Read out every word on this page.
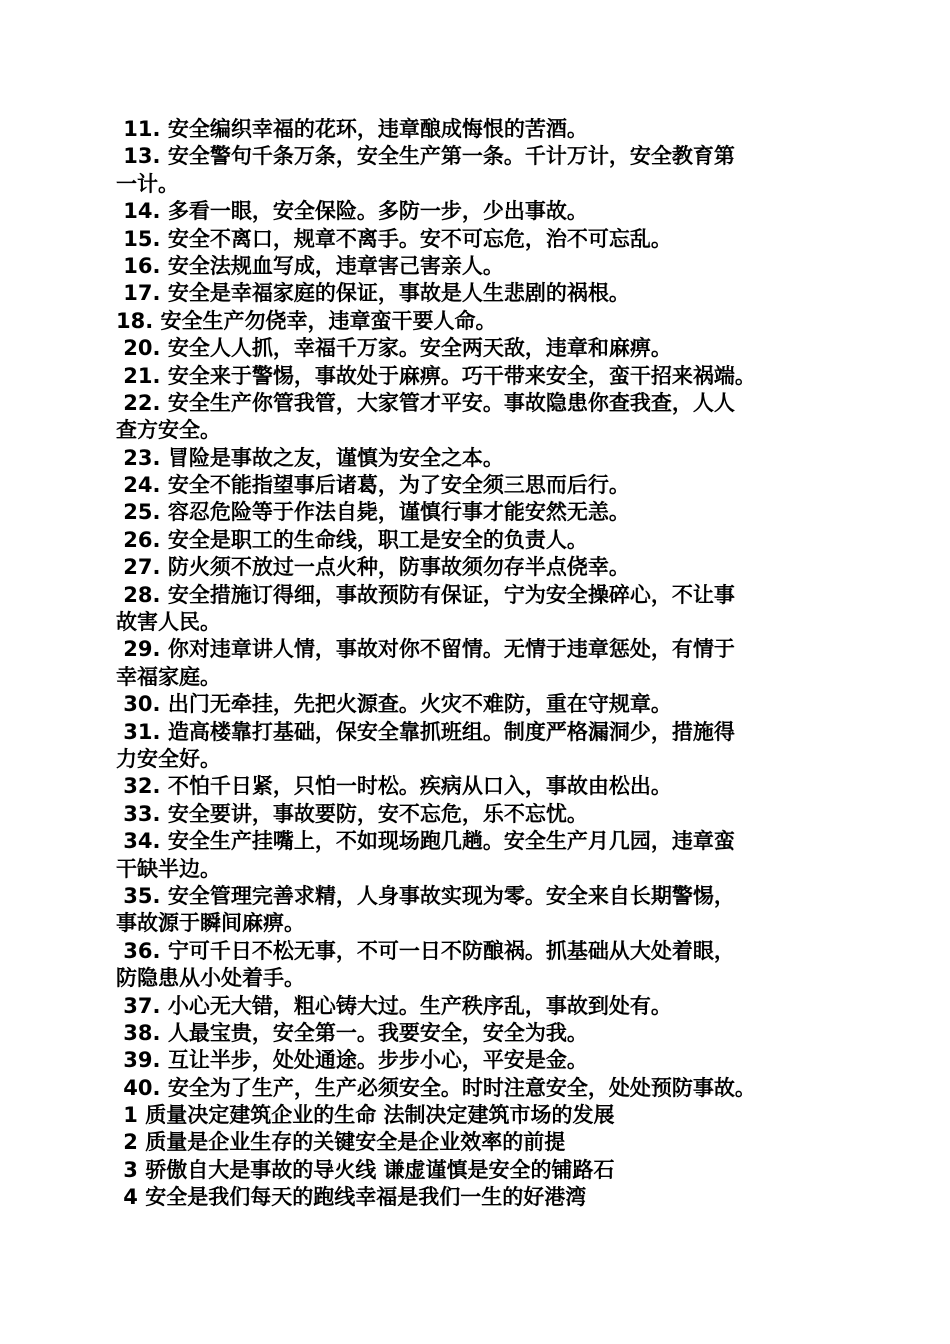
11. 安全编织幸福的花环，违章酿成悔恨的苦酒。
13. 安全警句千条万条，安全生产第一条。千计万计，安全教育第
一计。
14. 多看一眼，安全保险。多防一步，少出事故。
15. 安全不离口，规章不离手。安不可忘危，治不可忘乱。
16. 安全法规血写成，违章害己害亲人。
17. 安全是幸福家庭的保证，事故是人生悲剧的祸根。
18. 安全生产勿侥幸，违章蛮干要人命。
20. 安全人人抓，幸福千万家。安全两天敌，违章和麻痹。
21. 安全来于警惕，事故处于麻痹。巧干带来安全，蛮干招来祸端。
22. 安全生产你管我管，大家管才平安。事故隐患你查我查，人人
查方安全。
23. 冒险是事故之友，谨慎为安全之本。
24. 安全不能指望事后诸葛，为了安全须三思而后行。
25. 容忍危险等于作法自毙，谨慎行事才能安然无恙。
26. 安全是职工的生命线，职工是安全的负责人。
27. 防火须不放过一点火种，防事故须勿存半点侥幸。
28. 安全措施订得细，事故预防有保证，宁为安全操碎心，不让事
故害人民。
29. 你对违章讲人情，事故对你不留情。无情于违章惩处，有情于
幸福家庭。
30. 出门无牵挂，先把火源查。火灾不难防，重在守规章。
31. 造高楼靠打基础，保安全靠抓班组。制度严格漏洞少，措施得
力安全好。
32. 不怕千日紧，只怕一时松。疾病从口入，事故由松出。
33. 安全要讲，事故要防，安不忘危，乐不忘忧。
34. 安全生产挂嘴上，不如现场跑几趟。安全生产月几园，违章蛮
干缺半边。
35. 安全管理完善求精，人身事故实现为零。安全来自长期警惕，
事故源于瞬间麻痹。
36. 宁可千日不松无事，不可一日不防酿祸。抓基础从大处着眼，
防隐患从小处着手。
37. 小心无大错，粗心铸大过。生产秩序乱，事故到处有。
38. 人最宝贵，安全第一。我要安全，安全为我。
39. 互让半步，处处通途。步步小心，平安是金。
40. 安全为了生产，生产必须安全。时时注意安全，处处预防事故。
1 质量决定建筑企业的生命 法制决定建筑市场的发展
2 质量是企业生存的关键安全是企业效率的前提
3 骄傲自大是事故的导火线 谦虚谨慎是安全的铺路石
4 安全是我们每天的跑线幸福是我们一生的好港湾
